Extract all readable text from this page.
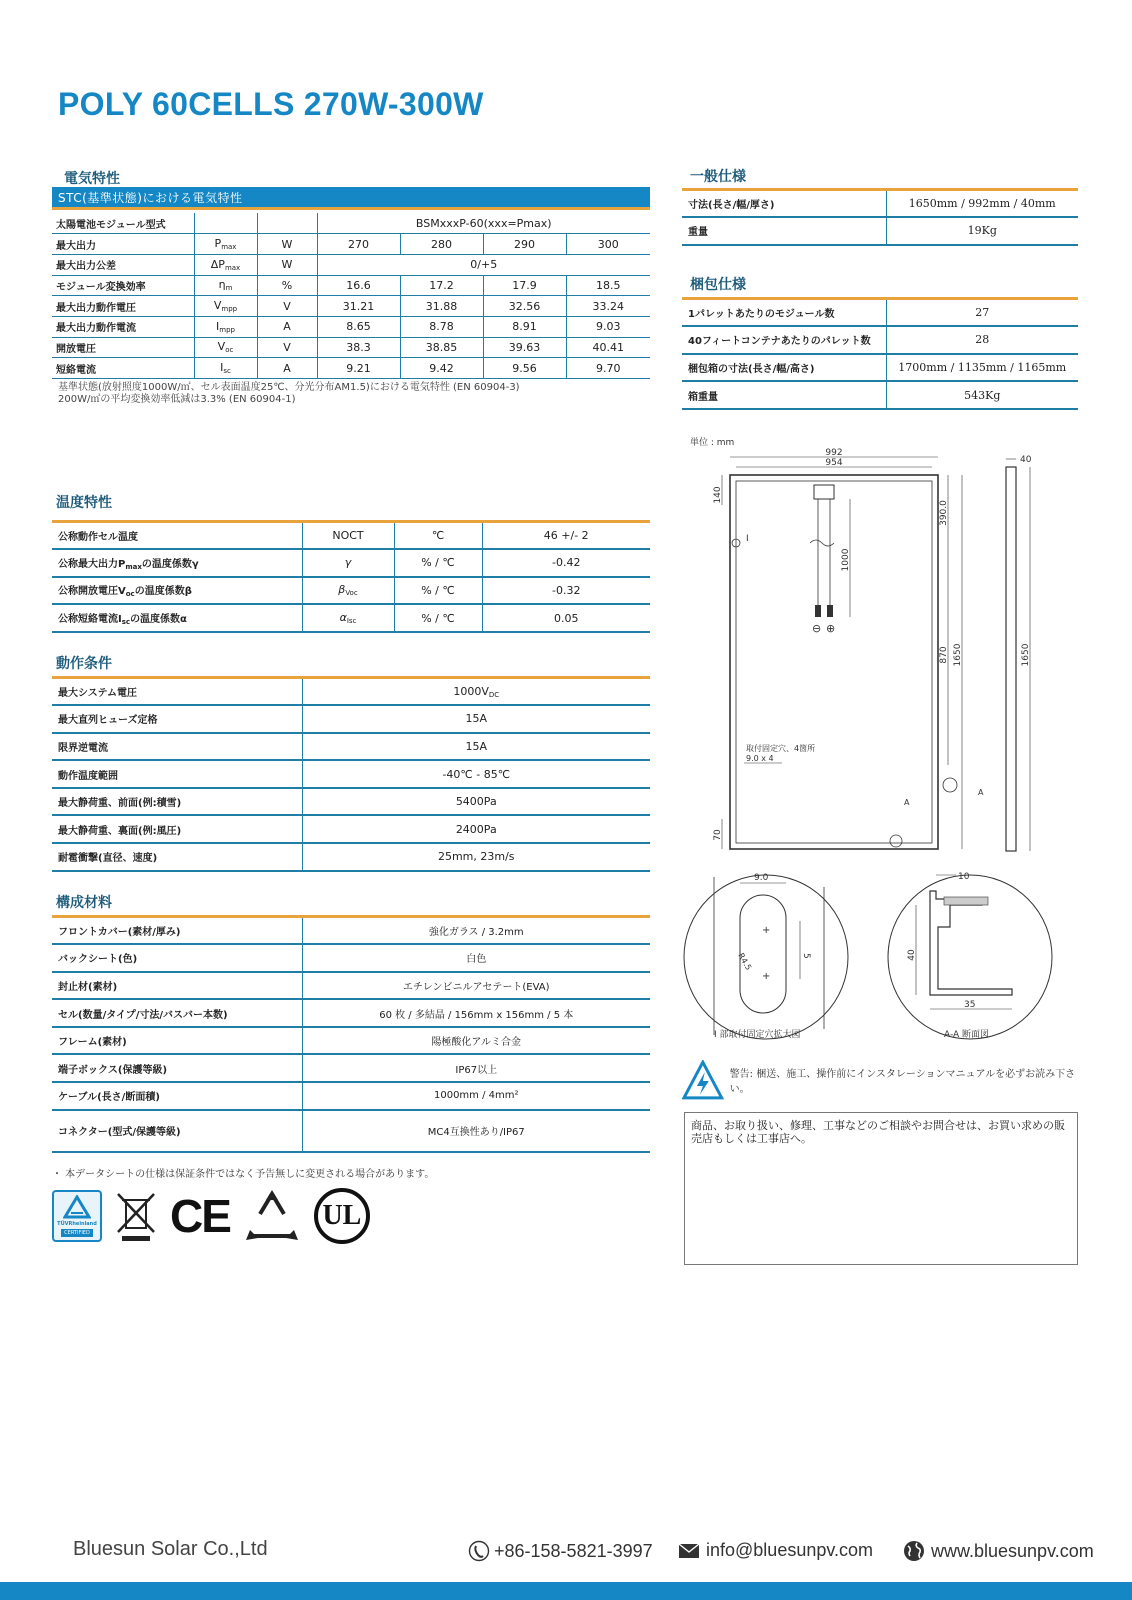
POLY 60CELLS 270W-300W
電気特性
STC(基準状態)における電気特性
太陽電池モジュール型式			BSMxxxP-60(xxx=Pmax)			
最大出力	$P_{max}$	W	270	280	290	300
最大出力公差	$\Delta P_{max}$	W	0/+5			
モジュール変換効率	$\eta_m$	%	16.6	17.2	17.9	18.5
最大出力動作電圧	$V_{mpp}$	V	31.21	31.88	32.56	33.24
最大出力動作電流	$I_{mpp}$	A	8.65	8.78	8.91	9.03
開放電圧	$V_{oc}$	V	38.3	38.85	39.63	40.41
短絡電流	$I_{sc}$	A	9.21	9.42	9.56	9.70
基準状態(放射照度1000W/㎡、セル表面温度25℃、分光分布AM1.5)における電気特性 (EN 60904-3)
200W/㎡の平均変換効率低減は3.3% (EN 60904-1)
温度特性
公称動作セル温度	NOCT	℃	46 +/- 2
公称最大出力$P_{max}$の温度係数γ	γ	% / ℃	-0.42
公称開放電圧$V_{oc}$の温度係数β	$\beta_{Voc}$	% / ℃	-0.32
公称短絡電流$I_{sc}$の温度係数α	$\alpha_{Isc}$	% / ℃	0.05
動作条件
最大システム電圧	$1000V_{DC}$
最大直列ヒューズ定格	15A
限界逆電流	15A
動作温度範囲	-40℃ - 85℃
最大静荷重、前面(例:積雪)	5400Pa
最大静荷重、裏面(例:風圧)	2400Pa
耐雹衝撃(直径、速度)	25mm, 23m/s
構成材料
フロントカバー(素材/厚み)	強化ガラス / 3.2mm
バックシート(色)	白色
封止材(素材)	エチレンビニルアセテート(EVA)
セル(数量/タイプ/寸法/バスバー本数)	60 枚 / 多結晶 / 156mm x 156mm / 5 本
フレーム(素材)	陽極酸化アルミ合金
端子ボックス(保護等級)	IP67以上
ケーブル(長さ/断面積)	1000mm / 4mm²
コネクター(型式/保護等級)	MC4互換性あり/IP67
・ 本データシートの仕様は保証条件ではなく予告無しに変更される場合があります。
TÜVRheinland
CERTIFIED CE	UL
一般仕様
寸法(長さ/幅/厚さ)	1650mm / 992mm / 40mm
重量	19Kg
梱包仕様
1パレットあたりのモジュール数	27
40フィートコンテナあたりのパレット数	28
梱包箱の寸法(長さ/幅/高さ)	1700mm / 1135mm / 1165mm
箱重量	543Kg
単位 : mm
992
954
140
⊖ ⊕
1000
390.0
870 1650
40
1650
I
A
A
取付固定穴、4箇所
9.0 x 4
70
9.0
5
R4.5
+
+
I 部取付固定穴拡大図
10
40
35
A-A 断面図
警告: 梱送、施工、操作前にインスタレーションマニュアルを必ずお読み下さい。
商品、お取り扱い、修理、工事などのご相談やお問合せは、お買い求めの販売店もしくは工事店へ。
Bluesun Solar Co.,Ltd	+86-158-5821-3997	info@bluesunpv.com	www.bluesunpv.com
